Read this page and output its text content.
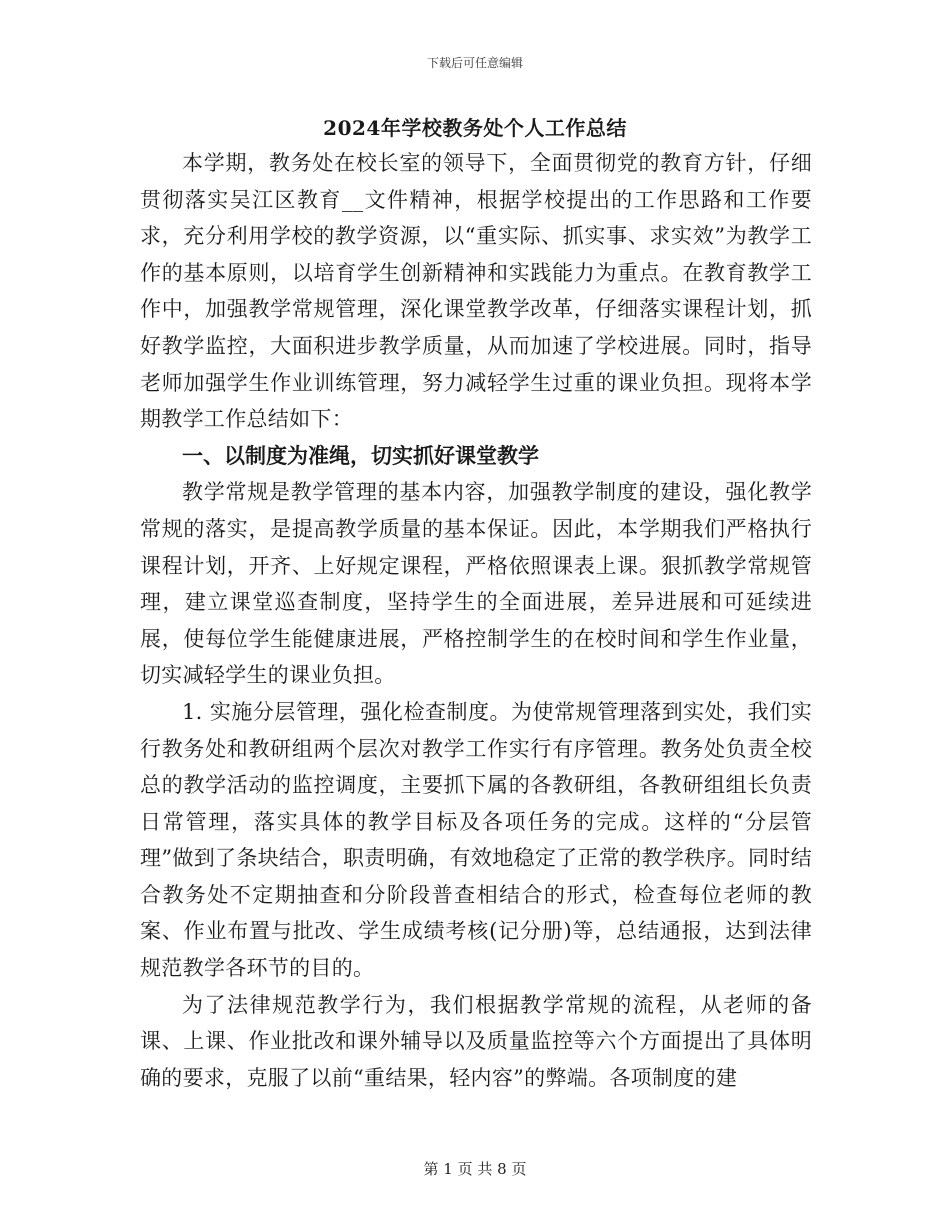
下载后可任意编辑
2024年学校教务处个人工作总结

本学期，教务处在校长室的领导下，全面贯彻党的教育方针，仔细贯彻落实吴江区教育__文件精神，根据学校提出的工作思路和工作要求，充分利用学校的教学资源，以“重实际、抓实事、求实效”为教学工作的基本原则，以培育学生创新精神和实践能力为重点。在教育教学工作中，加强教学常规管理，深化课堂教学改革，仔细落实课程计划，抓好教学监控，大面积进步教学质量，从而加速了学校进展。同时，指导老师加强学生作业训练管理，努力减轻学生过重的课业负担。现将本学期教学工作总结如下：

一、以制度为准绳，切实抓好课堂教学

教学常规是教学管理的基本内容，加强教学制度的建设，强化教学常规的落实，是提高教学质量的基本保证。因此，本学期我们严格执行课程计划，开齐、上好规定课程，严格依照课表上课。狠抓教学常规管理，建立课堂巡查制度，坚持学生的全面进展，差异进展和可延续进展，使每位学生能健康进展，严格控制学生的在校时间和学生作业量，切实减轻学生的课业负担。

1. 实施分层管理，强化检查制度。为使常规管理落到实处，我们实行教务处和教研组两个层次对教学工作实行有序管理。教务处负责全校总的教学活动的监控调度，主要抓下属的各教研组，各教研组组长负责日常管理，落实具体的教学目标及各项任务的完成。这样的“分层管理”做到了条块结合，职责明确，有效地稳定了正常的教学秩序。同时结合教务处不定期抽查和分阶段普查相结合的形式，检查每位老师的教案、作业布置与批改、学生成绩考核(记分册)等，总结通报，达到法律规范教学各环节的目的。

为了法律规范教学行为，我们根据教学常规的流程，从老师的备课、上课、作业批改和课外辅导以及质量监控等六个方面提出了具体明确的要求，克服了以前“重结果，轻内容”的弊端。各项制度的建

第 1 页 共 8 页
